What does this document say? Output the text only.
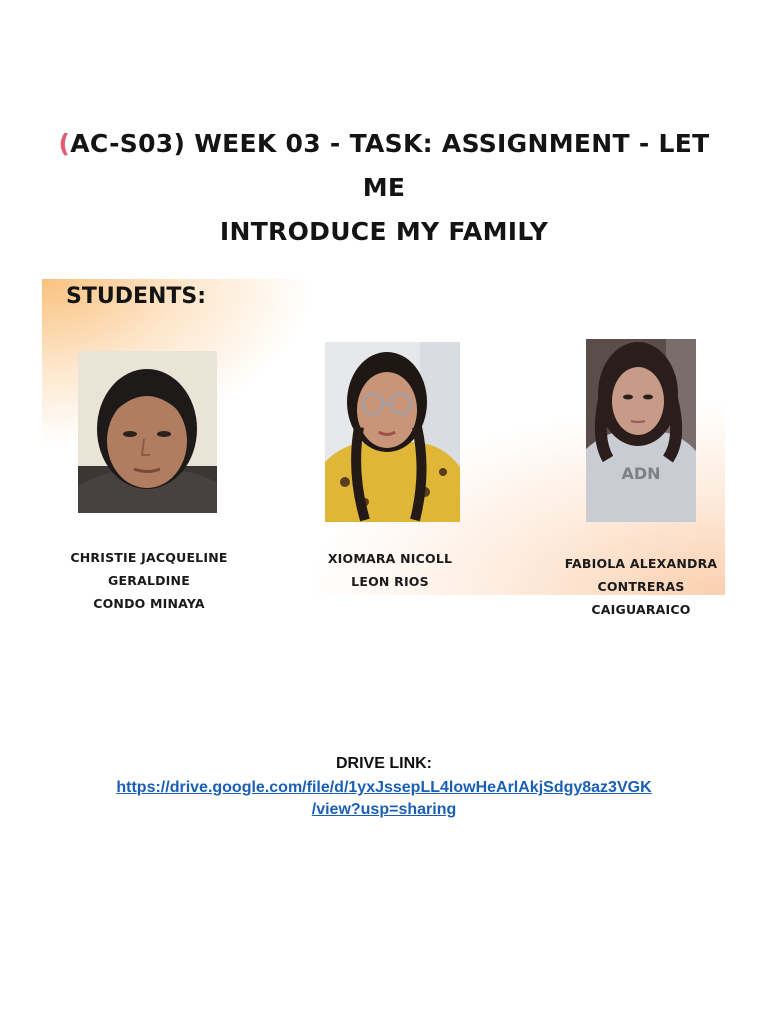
(AC-S03) WEEK 03 - TASK: ASSIGNMENT - LET ME
INTRODUCE MY FAMILY
STUDENTS:
ADN
CHRISTIE JACQUELINE GERALDINE
CONDO MINAYA
XIOMARA NICOLL
LEON RIOS
FABIOLA ALEXANDRA
CONTRERAS CAIGUARAICO
DRIVE LINK:
https://drive.google.com/file/d/1yxJssepLL4lowHeArlAkjSdgy8az3VGK
/view?usp=sharing
